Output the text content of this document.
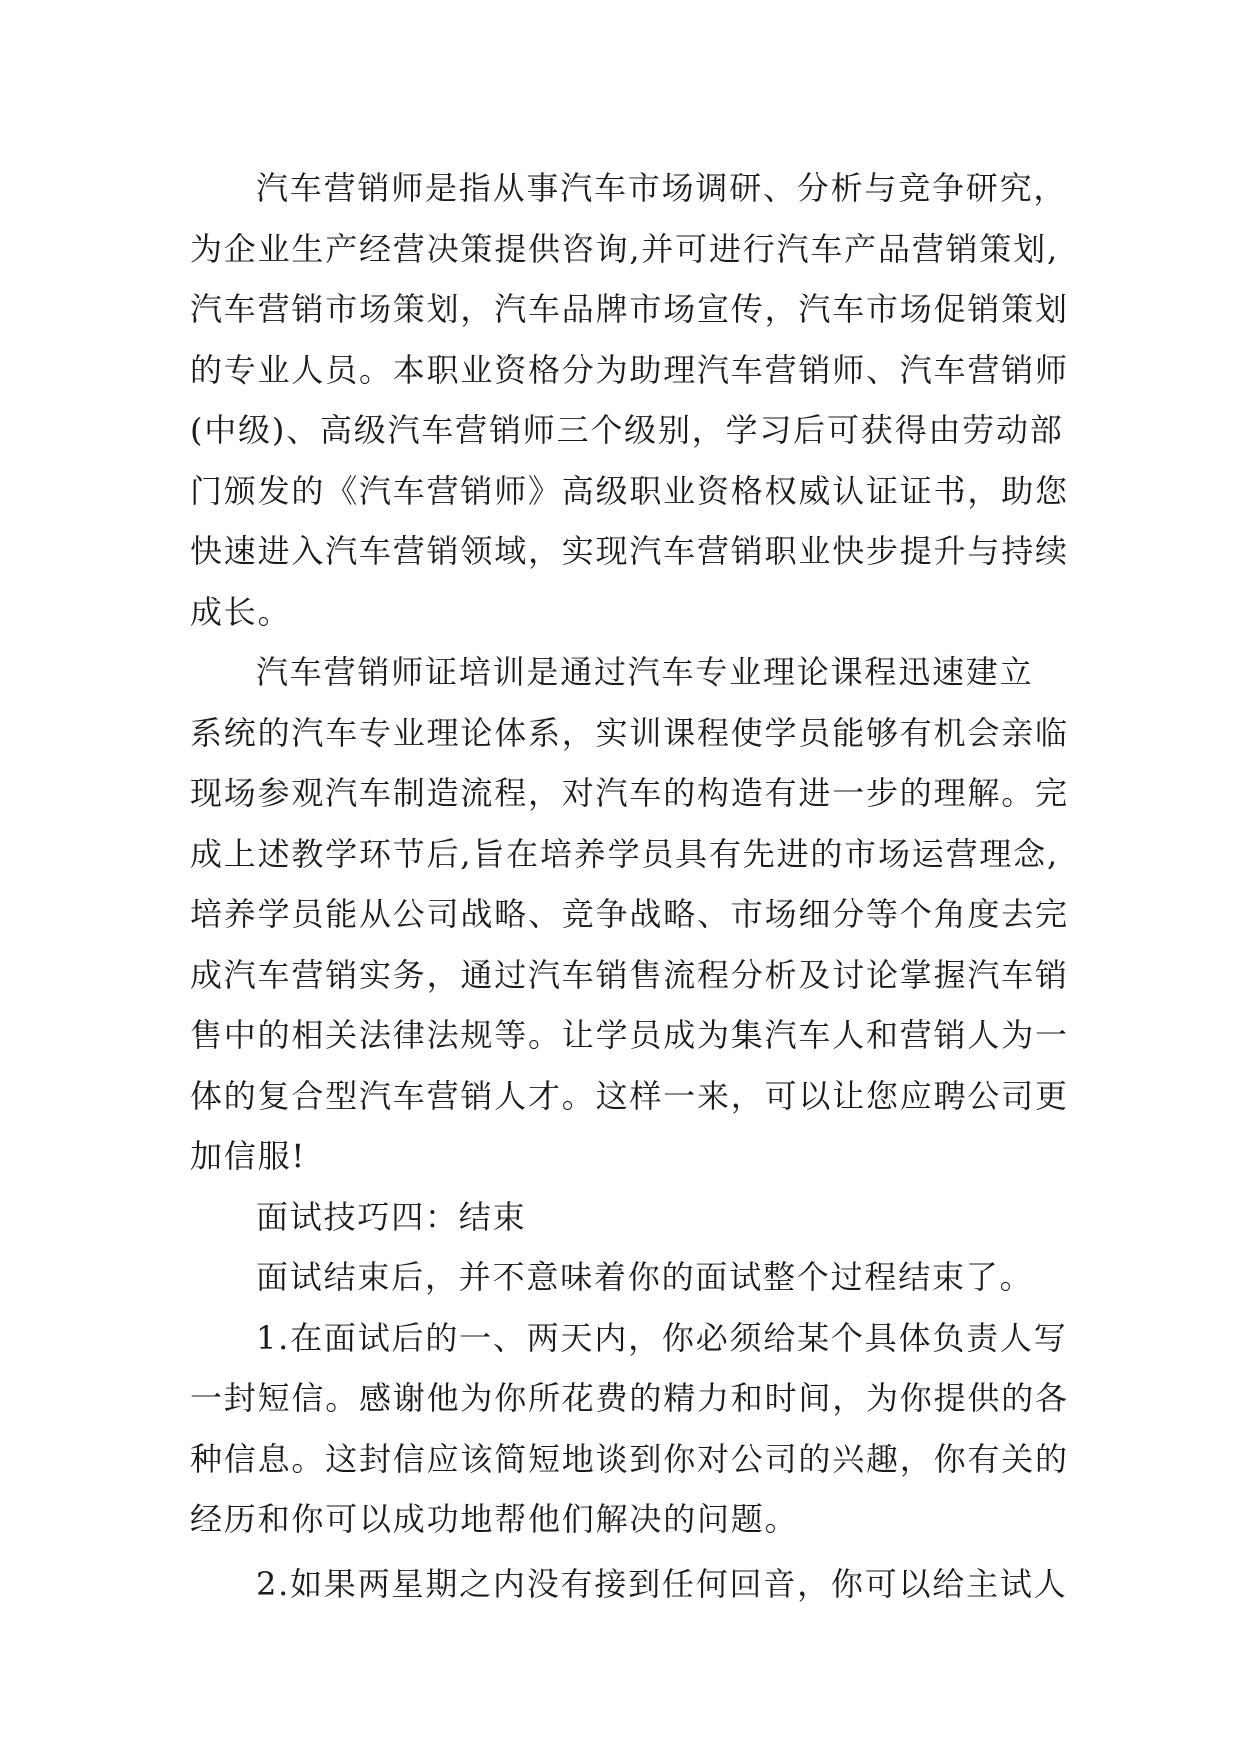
汽车营销师是指从事汽车市场调研、分析与竞争研究，
为企业生产经营决策提供咨询,并可进行汽车产品营销策划,
汽车营销市场策划，汽车品牌市场宣传，汽车市场促销策划
的专业人员。本职业资格分为助理汽车营销师、汽车营销师
(中级)、高级汽车营销师三个级别，学习后可获得由劳动部
门颁发的《汽车营销师》高级职业资格权威认证证书，助您
快速进入汽车营销领域，实现汽车营销职业快步提升与持续
成长。
汽车营销师证培训是通过汽车专业理论课程迅速建立
系统的汽车专业理论体系，实训课程使学员能够有机会亲临
现场参观汽车制造流程，对汽车的构造有进一步的理解。完
成上述教学环节后,旨在培养学员具有先进的市场运营理念,
培养学员能从公司战略、竞争战略、市场细分等个角度去完
成汽车营销实务，通过汽车销售流程分析及讨论掌握汽车销
售中的相关法律法规等。让学员成为集汽车人和营销人为一
体的复合型汽车营销人才。这样一来，可以让您应聘公司更
加信服!
面试技巧四：结束
面试结束后，并不意味着你的面试整个过程结束了。
1.在面试后的一、两天内，你必须给某个具体负责人写
一封短信。感谢他为你所花费的精力和时间，为你提供的各
种信息。这封信应该简短地谈到你对公司的兴趣，你有关的
经历和你可以成功地帮他们解决的问题。
2.如果两星期之内没有接到任何回音，你可以给主试人
